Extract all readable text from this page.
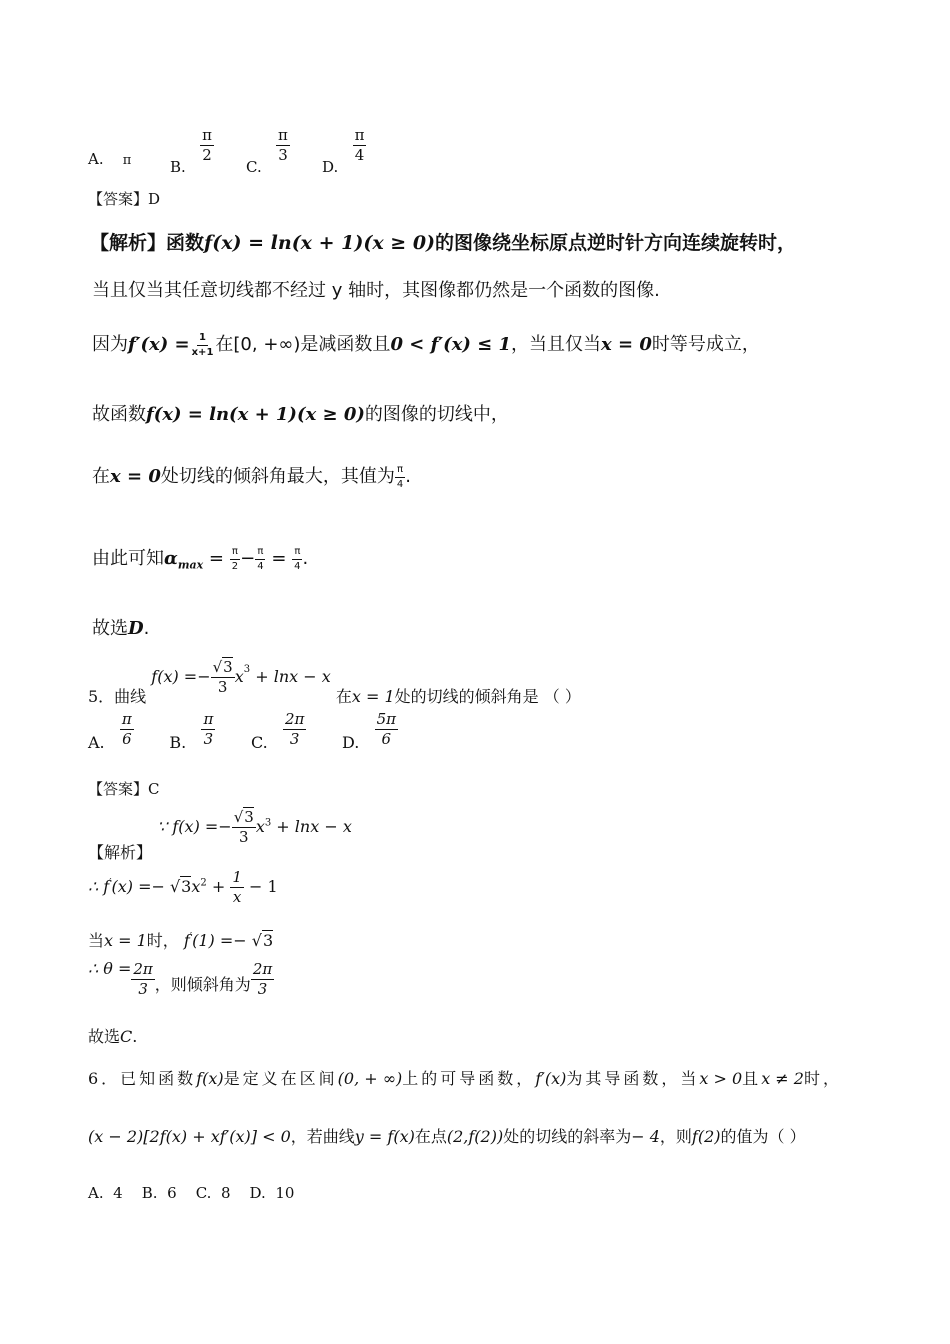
A. π	B.
$\frac{\pi}{2}$
C.
$\frac{\pi}{3}$
D.
$\frac{\pi}{4}$
【答案】D
【解析】函数f(x) = ln(x + 1)(x ≥ 0)的图像绕坐标原点逆时针方向连续旋转时，
当且仅当其任意切线都不经过 y 轴时，其图像都仍然是一个函数的图像.
因为$f'(x) = \frac{1}{x+1}$ 在[0, +∞)是减函数且0 < f′(x) ≤ 1，当且仅当x = 0时等号成立，
故函数f(x) = ln(x + 1)(x ≥ 0)的图像的切线中，
在x = 0处切线的倾斜角最大，其值为 $\frac{\pi}{4}$ .
由此可知$\alpha_{max} = \frac{\pi}{2} - \frac{\pi}{4} = \frac{\pi}{4}$ .
故选D.
5．曲线 $f(x) =- \frac{√3}{3} x^3 + \ln x - x$ 在x = 1处的切线的倾斜角是 （ ）
A. $\frac{\pi}{6} B$. $\frac{\pi}{3} C$. $\frac{2\pi}{3} D$. $\frac{5\pi}{6}$
【答案】C
【解析】 ∵ $f(x) =- \frac{√3}{3} x^3 + \ln x - x$
∴ $f'(x) =- √3x^2 + \frac{1}{x} - 1$
当x = 1时， f′(1) =− √3
∴ $\theta = \frac{2\pi}{3}$ ，则倾斜角为 $\frac{2\pi}{3}$
故选C.
6．已知函数f(x)是定义在区间(0, + ∞)上的可导函数，f′(x)为其导函数，当x > 0且x ≠ 2时，
(x − 2)[2f(x) + xf′(x)] < 0，若曲线y = f(x)在点(2,f(2))处的切线的斜率为− 4，则f(2)的值为（ ）
A.  4    B.  6    C.  8    D.  10
